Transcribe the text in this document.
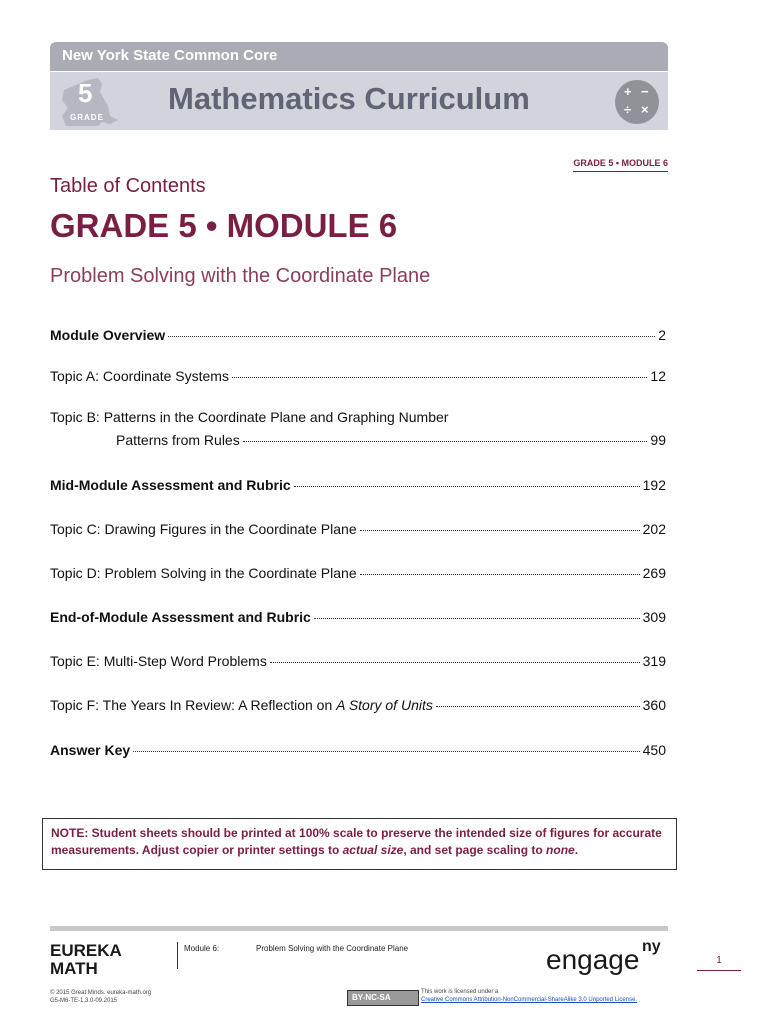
New York State Common Core
5
GRADE
Mathematics Curriculum	+ −
÷ ×
GRADE 5 • MODULE 6
Table of Contents
GRADE 5 • MODULE 6
Problem Solving with the Coordinate Plane
Module Overview	2
Topic A: Coordinate Systems	12
Topic B: Patterns in the Coordinate Plane and Graphing Number
Patterns from Rules	99
Mid-Module Assessment and Rubric	192
Topic C: Drawing Figures in the Coordinate Plane	202
Topic D: Problem Solving in the Coordinate Plane	269
End-of-Module Assessment and Rubric	309
Topic E: Multi-Step Word Problems	319
Topic F: The Years In Review: A Reflection on A Story of Units	360
Answer Key	450
NOTE: Student sheets should be printed at 100% scale to preserve the intended size of figures for accurate measurements. Adjust copier or printer settings to actual size, and set page scaling to none.
EUREKA
MATH
Module 6:	Problem Solving with the Coordinate Plane	engage ny
1
© 2015 Great Minds. eureka-math.org
G5-M6-TE-1.3.0-09.2015	BY-NC-SA
This work is licensed under a
Creative Commons Attribution-NonCommercial-ShareAlike 3.0 Unported License.
